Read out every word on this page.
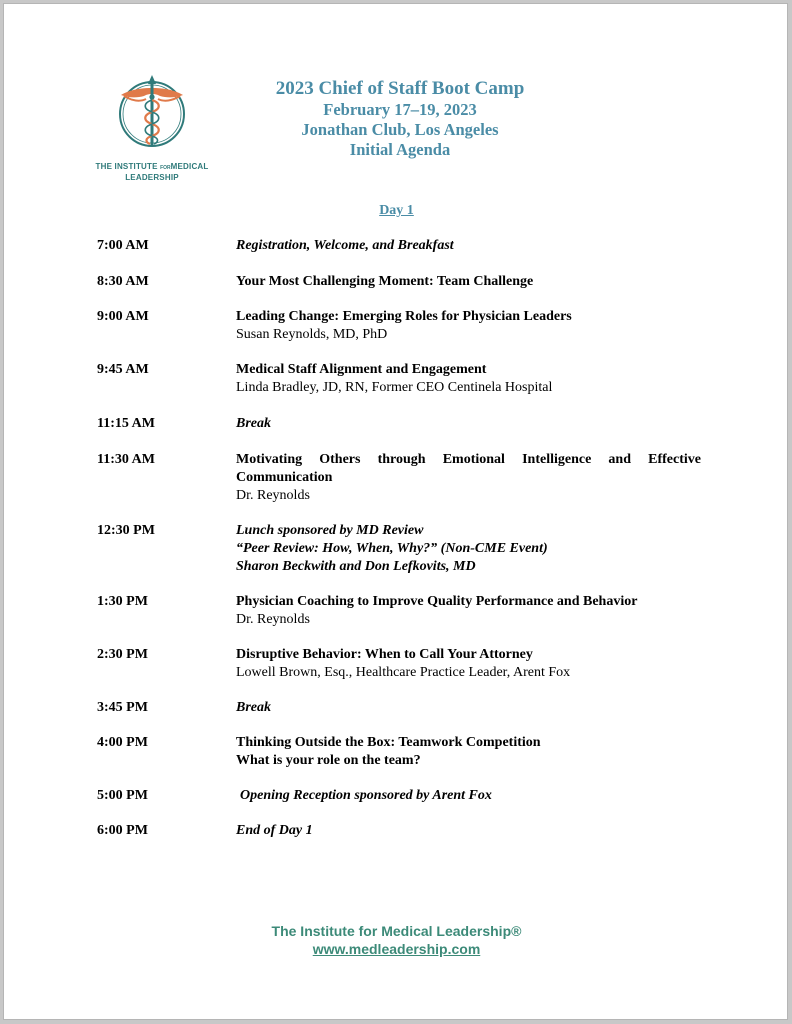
THE INSTITUTE FORMEDICAL
LEADERSHIP
2023 Chief of Staff Boot Camp
February 17–19, 2023
Jonathan Club, Los Angeles
Initial Agenda
Day 1
7:00 AM	Registration, Welcome, and Breakfast
8:30 AM	Your Most Challenging Moment: Team Challenge
9:00 AM	Leading Change: Emerging Roles for Physician Leaders
Susan Reynolds, MD, PhD
9:45 AM	Medical Staff Alignment and Engagement
Linda Bradley, JD, RN, Former CEO Centinela Hospital
11:15 AM	Break
11:30 AM	Motivating Others through Emotional Intelligence and Effective Communication
Dr. Reynolds
12:30 PM	Lunch sponsored by MD Review
“Peer Review: How, When, Why?” (Non-CME Event)
Sharon Beckwith and Don Lefkovits, MD
1:30 PM	Physician Coaching to Improve Quality Performance and Behavior
Dr. Reynolds
2:30 PM	Disruptive Behavior: When to Call Your Attorney
Lowell Brown, Esq., Healthcare Practice Leader, Arent Fox
3:45 PM	Break
4:00 PM	Thinking Outside the Box: Teamwork Competition
What is your role on the team?
5:00 PM	Opening Reception sponsored by Arent Fox
6:00 PM	End of Day 1
The Institute for Medical Leadership®
www.medleadership.com
